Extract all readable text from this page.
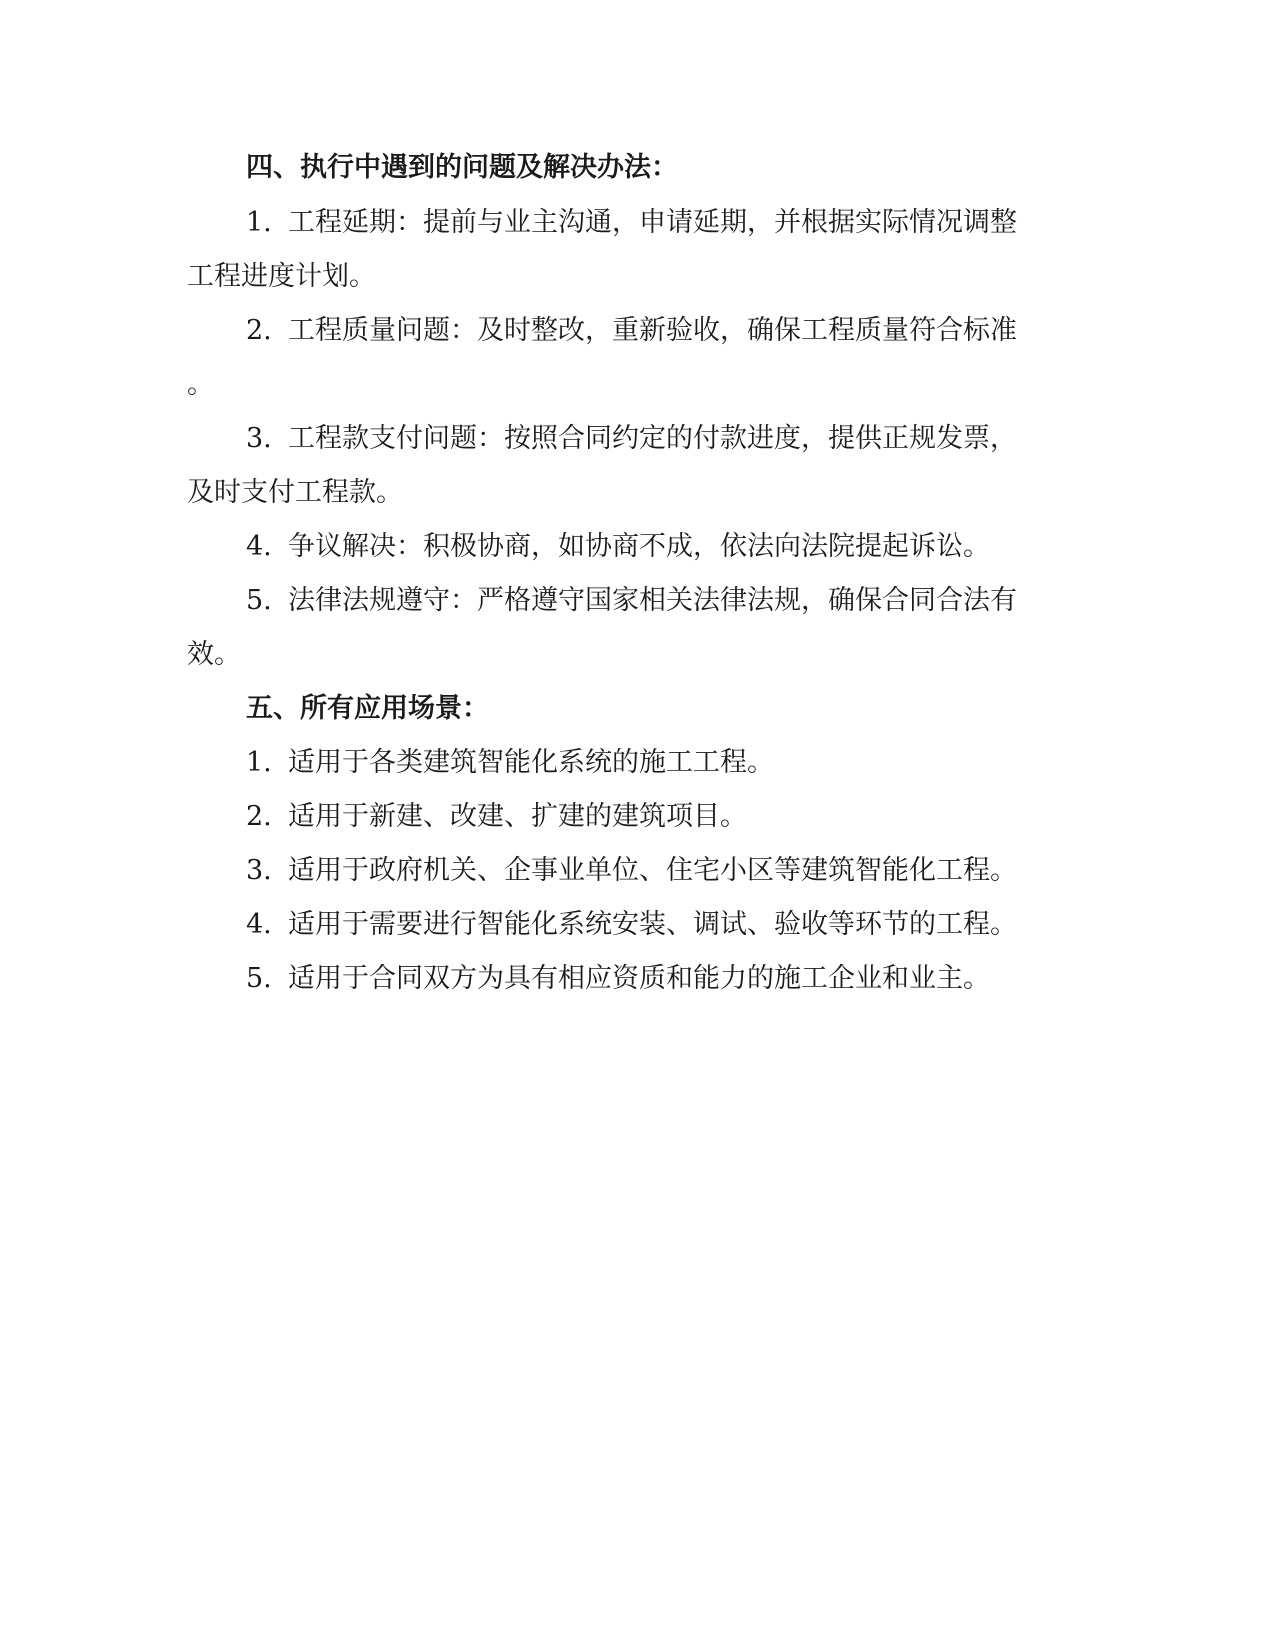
四、执行中遇到的问题及解决办法：
1. 工程延期：提前与业主沟通，申请延期，并根据实际情况调整
工程进度计划。
2. 工程质量问题：及时整改，重新验收，确保工程质量符合标准
。
3. 工程款支付问题：按照合同约定的付款进度，提供正规发票，
及时支付工程款。
4. 争议解决：积极协商，如协商不成，依法向法院提起诉讼。
5. 法律法规遵守：严格遵守国家相关法律法规，确保合同合法有
效。
五、所有应用场景：
1. 适用于各类建筑智能化系统的施工工程。
2. 适用于新建、改建、扩建的建筑项目。
3. 适用于政府机关、企事业单位、住宅小区等建筑智能化工程。
4. 适用于需要进行智能化系统安装、调试、验收等环节的工程。
5. 适用于合同双方为具有相应资质和能力的施工企业和业主。
